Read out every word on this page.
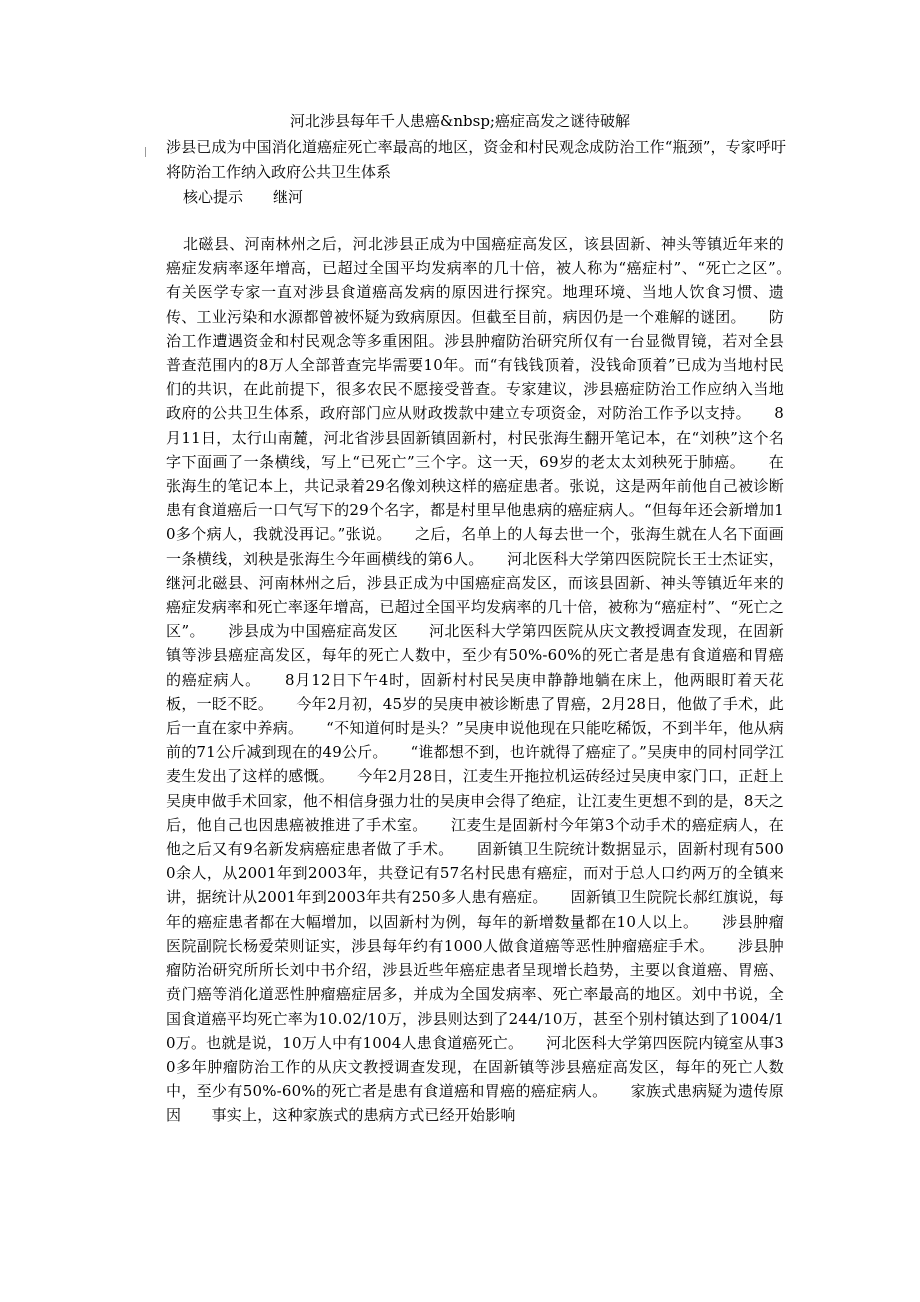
河北涉县每年千人患癌&nbsp;癌症高发之谜待破解
涉县已成为中国消化道癌症死亡率最高的地区，资金和村民观念成防治工作“瓶颈”，专家呼吁将防治工作纳入政府公共卫生体系
核心提示　　继河
北磁县、河南林州之后，河北涉县正成为中国癌症高发区，该县固新、神头等镇近年来的癌症发病率逐年增高，已超过全国平均发病率的几十倍，被人称为“癌症村”、“死亡之区”。　　有关医学专家一直对涉县食道癌高发病的原因进行探究。地理环境、当地人饮食习惯、遗传、工业污染和水源都曾被怀疑为致病原因。但截至目前，病因仍是一个难解的谜团。　　防治工作遭遇资金和村民观念等多重困阻。涉县肿瘤防治研究所仅有一台显微胃镜，若对全县普查范围内的8万人全部普查完毕需要10年。而“有钱钱顶着，没钱命顶着”已成为当地村民们的共识，在此前提下，很多农民不愿接受普查。专家建议，涉县癌症防治工作应纳入当地政府的公共卫生体系，政府部门应从财政拨款中建立专项资金，对防治工作予以支持。　　8月11日，太行山南麓，河北省涉县固新镇固新村，村民张海生翻开笔记本，在“刘秧”这个名字下面画了一条横线，写上“已死亡”三个字。这一天，69岁的老太太刘秧死于肺癌。　　在张海生的笔记本上，共记录着29名像刘秧这样的癌症患者。张说，这是两年前他自己被诊断患有食道癌后一口气写下的29个名字，都是村里早他患病的癌症病人。“但每年还会新增加10多个病人，我就没再记。”张说。　　之后，名单上的人每去世一个，张海生就在人名下面画一条横线，刘秧是张海生今年画横线的第6人。　　河北医科大学第四医院院长王士杰证实，继河北磁县、河南林州之后，涉县正成为中国癌症高发区，而该县固新、神头等镇近年来的癌症发病率和死亡率逐年增高，已超过全国平均发病率的几十倍，被称为“癌症村”、“死亡之区”。　　涉县成为中国癌症高发区　　河北医科大学第四医院从庆文教授调查发现，在固新镇等涉县癌症高发区，每年的死亡人数中，至少有50%-60%的死亡者是患有食道癌和胃癌的癌症病人。　　8月12日下午4时，固新村村民吴庚申静静地躺在床上，他两眼盯着天花板，一眨不眨。　　今年2月初，45岁的吴庚申被诊断患了胃癌，2月28日，他做了手术，此后一直在家中养病。　　“不知道何时是头？”吴庚申说他现在只能吃稀饭，不到半年，他从病前的71公斤减到现在的49公斤。　　“谁都想不到，也许就得了癌症了。”吴庚申的同村同学江麦生发出了这样的感慨。　　今年2月28日，江麦生开拖拉机运砖经过吴庚申家门口，正赶上吴庚申做手术回家，他不相信身强力壮的吴庚申会得了绝症，让江麦生更想不到的是，8天之后，他自己也因患癌被推进了手术室。　　江麦生是固新村今年第3个动手术的癌症病人，在他之后又有9名新发病癌症患者做了手术。　　固新镇卫生院统计数据显示，固新村现有5000余人，从2001年到2003年，共登记有57名村民患有癌症，而对于总人口约两万的全镇来讲，据统计从2001年到2003年共有250多人患有癌症。　　固新镇卫生院院长郝红旗说，每年的癌症患者都在大幅增加，以固新村为例，每年的新增数量都在10人以上。　　涉县肿瘤医院副院长杨爱荣则证实，涉县每年约有1000人做食道癌等恶性肿瘤癌症手术。　　涉县肿瘤防治研究所所长刘中书介绍，涉县近些年癌症患者呈现增长趋势，主要以食道癌、胃癌、贲门癌等消化道恶性肿瘤癌症居多，并成为全国发病率、死亡率最高的地区。刘中书说，全国食道癌平均死亡率为10.02/10万，涉县则达到了244/10万，甚至个别村镇达到了1004/10万。也就是说，10万人中有1004人患食道癌死亡。　　河北医科大学第四医院内镜室从事30多年肿瘤防治工作的从庆文教授调查发现，在固新镇等涉县癌症高发区，每年的死亡人数中，至少有50%-60%的死亡者是患有食道癌和胃癌的癌症病人。　　家族式患病疑为遗传原因　　事实上，这种家族式的患病方式已经开始影响
